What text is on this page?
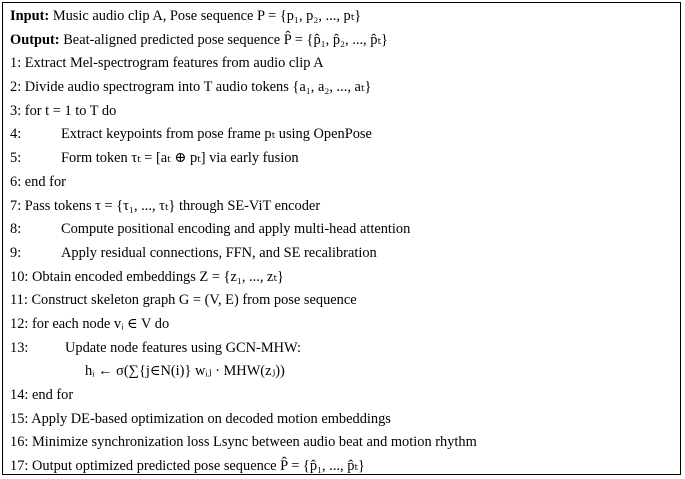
Input: Music audio clip A, Pose sequence P = {p₁, p₂, ..., pₜ}
Output: Beat-aligned predicted pose sequence P̂ = {p̂₁, p̂₂, ..., p̂ₜ}
1: Extract Mel-spectrogram features from audio clip A
2: Divide audio spectrogram into T audio tokens {a₁, a₂, ..., aₜ}
3: for t = 1 to T do
4:	Extract keypoints from pose frame pₜ using OpenPose
5:	Form token τₜ = [aₜ ⊕ pₜ] via early fusion
6: end for
7: Pass tokens τ = {τ₁, ..., τₜ} through SE-ViT encoder
8:	Compute positional encoding and apply multi-head attention
9:	Apply residual connections, FFN, and SE recalibration
10: Obtain encoded embeddings Z = {z₁, ..., zₜ}
11: Construct skeleton graph G = (V, E) from pose sequence
12: for each node vᵢ ∈ V do
13:	Update node features using GCN-MHW:
hᵢ ← σ(∑{j∈N(i)} wᵢⱼ · MHW(zⱼ))
14: end for
15: Apply DE-based optimization on decoded motion embeddings
16: Minimize synchronization loss Lsync between audio beat and motion rhythm
17: Output optimized predicted pose sequence P̂ = {p̂₁, ..., p̂ₜ}
